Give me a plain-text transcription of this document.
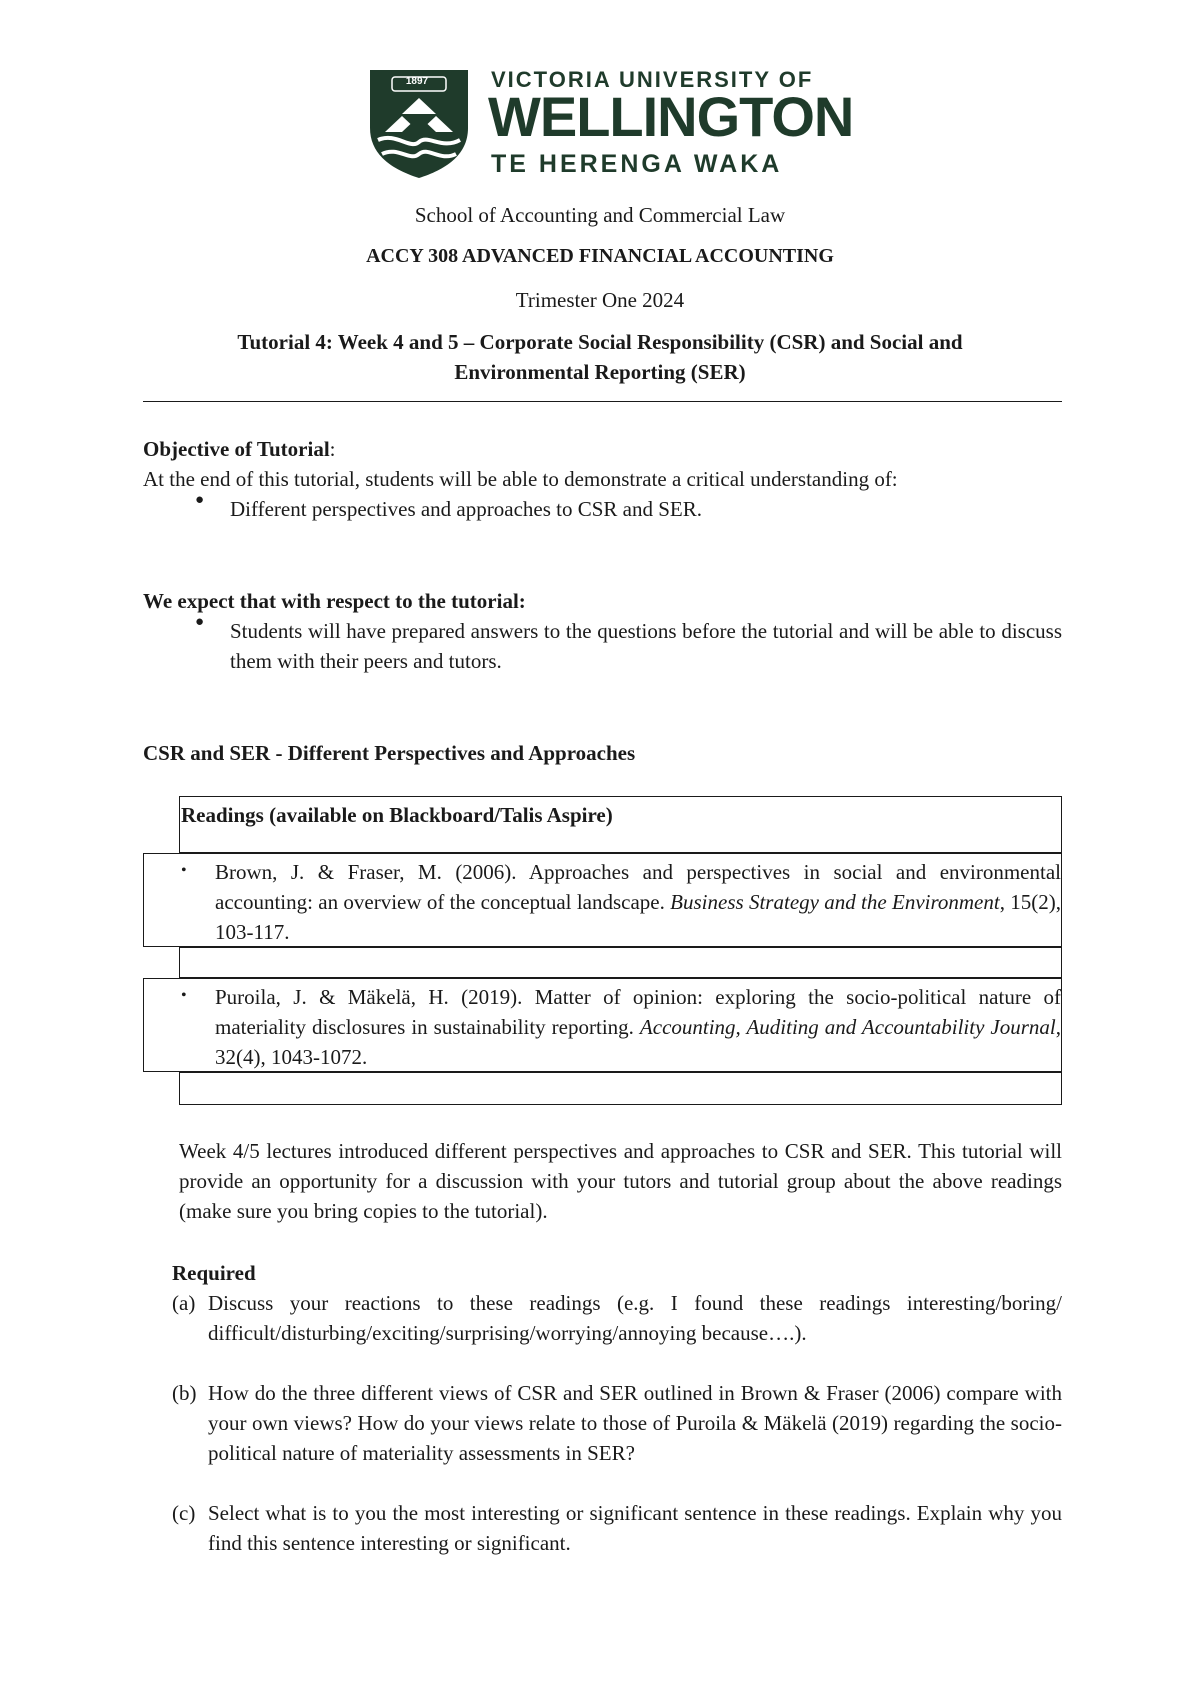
1897	VICTORIA UNIVERSITY OF
WELLINGTON
TE HERENGA WAKA
School of Accounting and Commercial Law
ACCY 308 ADVANCED FINANCIAL ACCOUNTING
Trimester One 2024
Tutorial 4: Week 4 and 5 – Corporate Social Responsibility (CSR) and Social and
Environmental Reporting (SER)
Objective of Tutorial:
At the end of this tutorial, students will be able to demonstrate a critical understanding of:
● Different perspectives and approaches to CSR and SER.
We expect that with respect to the tutorial:
● Students will have prepared answers to the questions before the tutorial and will be able to discuss them with their peers and tutors.
CSR and SER - Different Perspectives and Approaches
Readings (available on Blackboard/Talis Aspire)
• Brown, J. & Fraser, M. (2006). Approaches and perspectives in social and environmental accounting: an overview of the conceptual landscape. Business Strategy and the Environment, 15(2), 103-117.
• Puroila, J. & Mäkelä, H. (2019). Matter of opinion: exploring the socio-political nature of materiality disclosures in sustainability reporting. Accounting, Auditing and Accountability Journal, 32(4), 1043-1072.
Week 4/5 lectures introduced different perspectives and approaches to CSR and SER. This tutorial will provide an opportunity for a discussion with your tutors and tutorial group about the above readings (make sure you bring copies to the tutorial).
Required
(a) Discuss your reactions to these readings (e.g. I found these readings interesting/boring/ difficult/disturbing/exciting/surprising/worrying/annoying because….).
(b) How do the three different views of CSR and SER outlined in Brown & Fraser (2006) compare with your own views? How do your views relate to those of Puroila & Mäkelä (2019) regarding the socio-political nature of materiality assessments in SER?
(c) Select what is to you the most interesting or significant sentence in these readings. Explain why you find this sentence interesting or significant.
